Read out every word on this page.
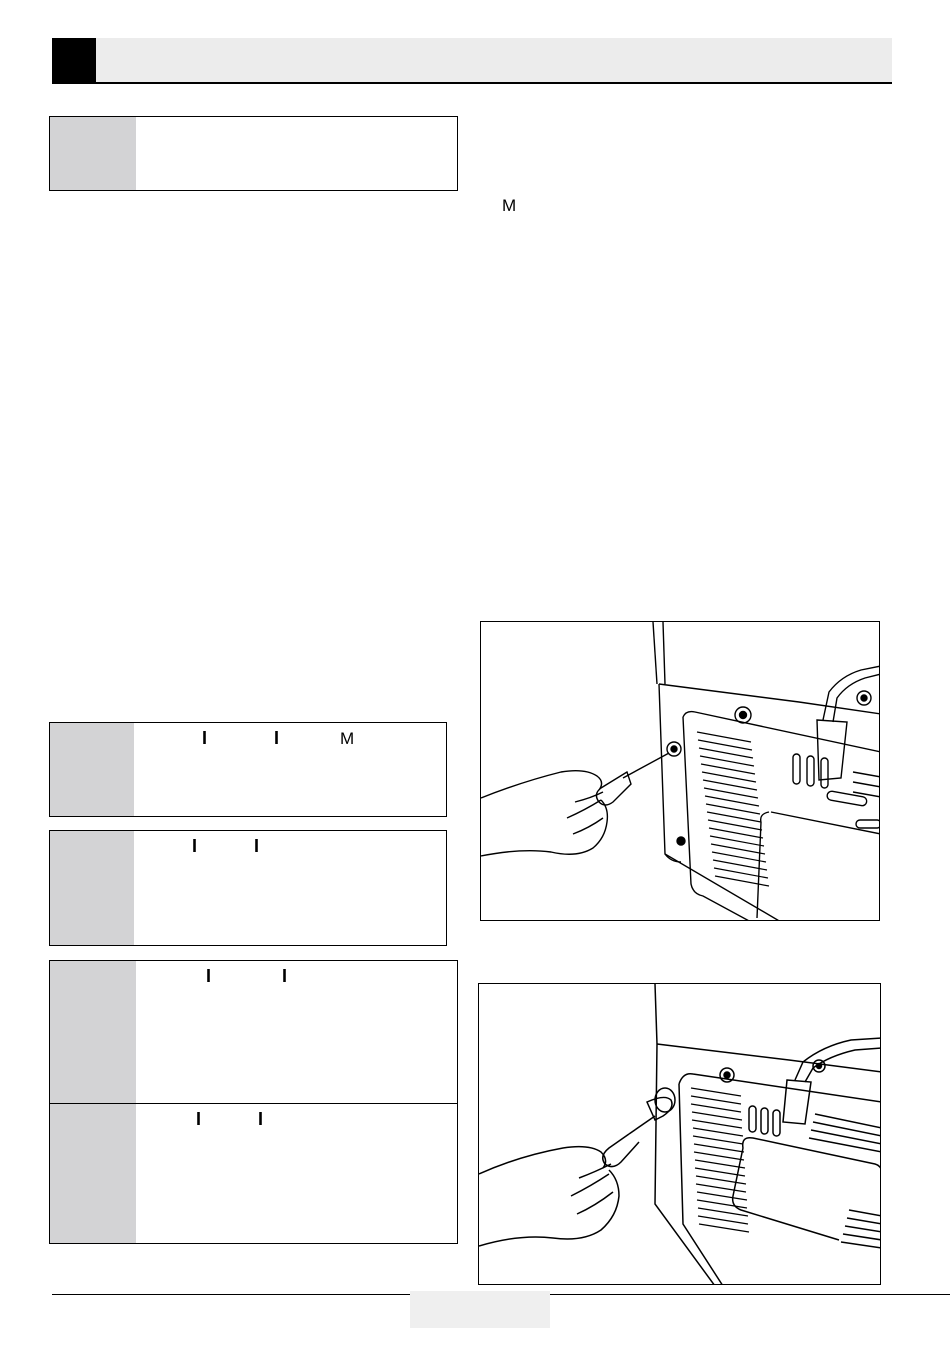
M
I	I	M
I	I
I	I
I	I
